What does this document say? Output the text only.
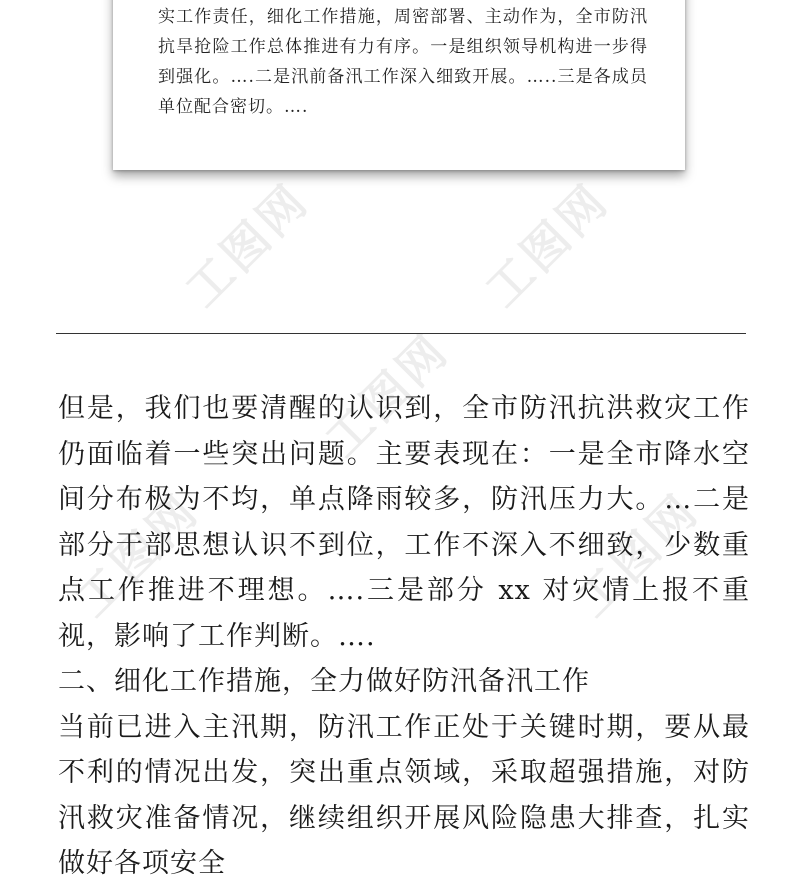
实工作责任，细化工作措施，周密部署、主动作为，全市防汛抗旱抢险工作总体推进有力有序。一是组织领导机构进一步得到强化。….二是汛前备汛工作深入细致开展。…..三是各成员单位配合密切。….

工图网	工图网
工图网
工图网	工图网

但是，我们也要清醒的认识到，全市防汛抗洪救灾工作仍面临着一些突出问题。主要表现在：一是全市降水空间分布极为不均，单点降雨较多，防汛压力大。…二是部分干部思想认识不到位，工作不深入不细致，少数重点工作推进不理想。….三是部分 xx 对灾情上报不重视，影响了工作判断。….

二、细化工作措施，全力做好防汛备汛工作

当前已进入主汛期，防汛工作正处于关键时期，要从最不利的情况出发，突出重点领域，采取超强措施，对防汛救灾准备情况，继续组织开展风险隐患大排查，扎实做好各项安全
